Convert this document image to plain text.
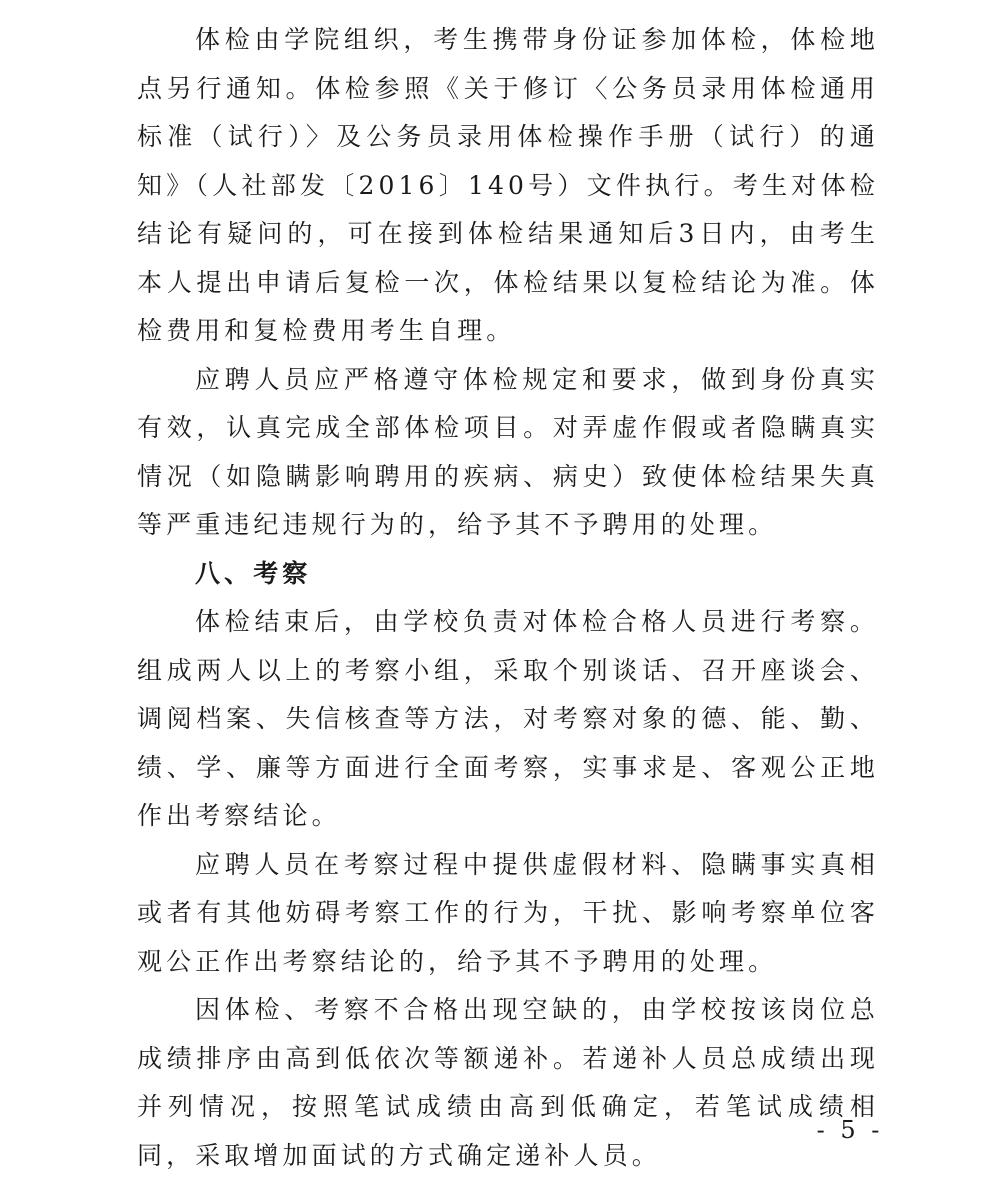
体检由学院组织，考生携带身份证参加体检，体检地点另行通知。体检参照《关于修订〈公务员录用体检通用标准（试行）〉及公务员录用体检操作手册（试行）的通知》（人社部发〔2016〕140号）文件执行。考生对体检结论有疑问的，可在接到体检结果通知后3日内，由考生本人提出申请后复检一次，体检结果以复检结论为准。体检费用和复检费用考生自理。

应聘人员应严格遵守体检规定和要求，做到身份真实有效，认真完成全部体检项目。对弄虚作假或者隐瞒真实情况（如隐瞒影响聘用的疾病、病史）致使体检结果失真等严重违纪违规行为的，给予其不予聘用的处理。

八、考察

体检结束后，由学校负责对体检合格人员进行考察。组成两人以上的考察小组，采取个别谈话、召开座谈会、调阅档案、失信核查等方法，对考察对象的德、能、勤、绩、学、廉等方面进行全面考察，实事求是、客观公正地作出考察结论。

应聘人员在考察过程中提供虚假材料、隐瞒事实真相或者有其他妨碍考察工作的行为，干扰、影响考察单位客观公正作出考察结论的，给予其不予聘用的处理。

因体检、考察不合格出现空缺的，由学校按该岗位总成绩排序由高到低依次等额递补。若递补人员总成绩出现并列情况，按照笔试成绩由高到低确定，若笔试成绩相同，采取增加面试的方式确定递补人员。

- 5 -
